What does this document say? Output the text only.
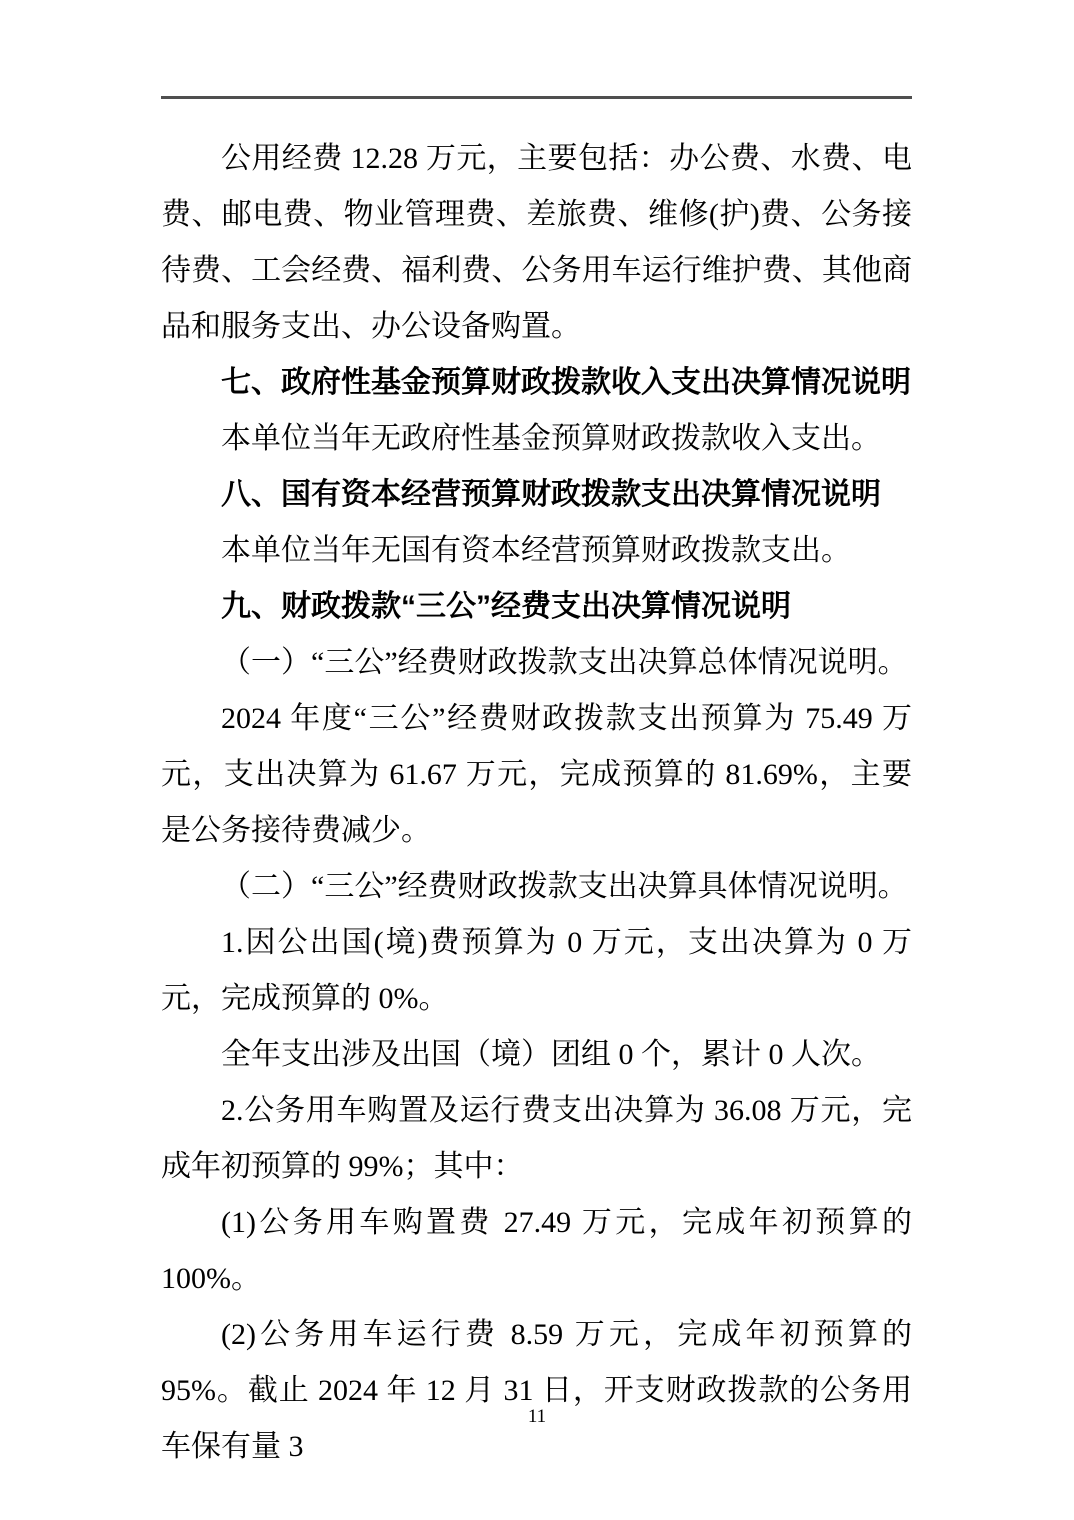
公用经费 12.28 万元，主要包括：办公费、水费、电费、邮电费、物业管理费、差旅费、维修(护)费、公务接待费、工会经费、福利费、公务用车运行维护费、其他商品和服务支出、办公设备购置。

七、政府性基金预算财政拨款收入支出决算情况说明

本单位当年无政府性基金预算财政拨款收入支出。

八、国有资本经营预算财政拨款支出决算情况说明

本单位当年无国有资本经营预算财政拨款支出。

九、财政拨款“三公”经费支出决算情况说明

（一）“三公”经费财政拨款支出决算总体情况说明。

2024 年度“三公”经费财政拨款支出预算为 75.49 万元，支出决算为 61.67 万元，完成预算的 81.69%，主要是公务接待费减少。

（二）“三公”经费财政拨款支出决算具体情况说明。

1.因公出国(境)费预算为 0 万元，支出决算为 0 万元，完成预算的 0%。

全年支出涉及出国（境）团组 0 个，累计 0 人次。

2.公务用车购置及运行费支出决算为 36.08 万元，完成年初预算的 99%；其中：

(1)公务用车购置费 27.49 万元，完成年初预算的 100%。

(2)公务用车运行费 8.59 万元，完成年初预算的 95%。截止 2024 年 12 月 31 日，开支财政拨款的公务用车保有量 3

11
